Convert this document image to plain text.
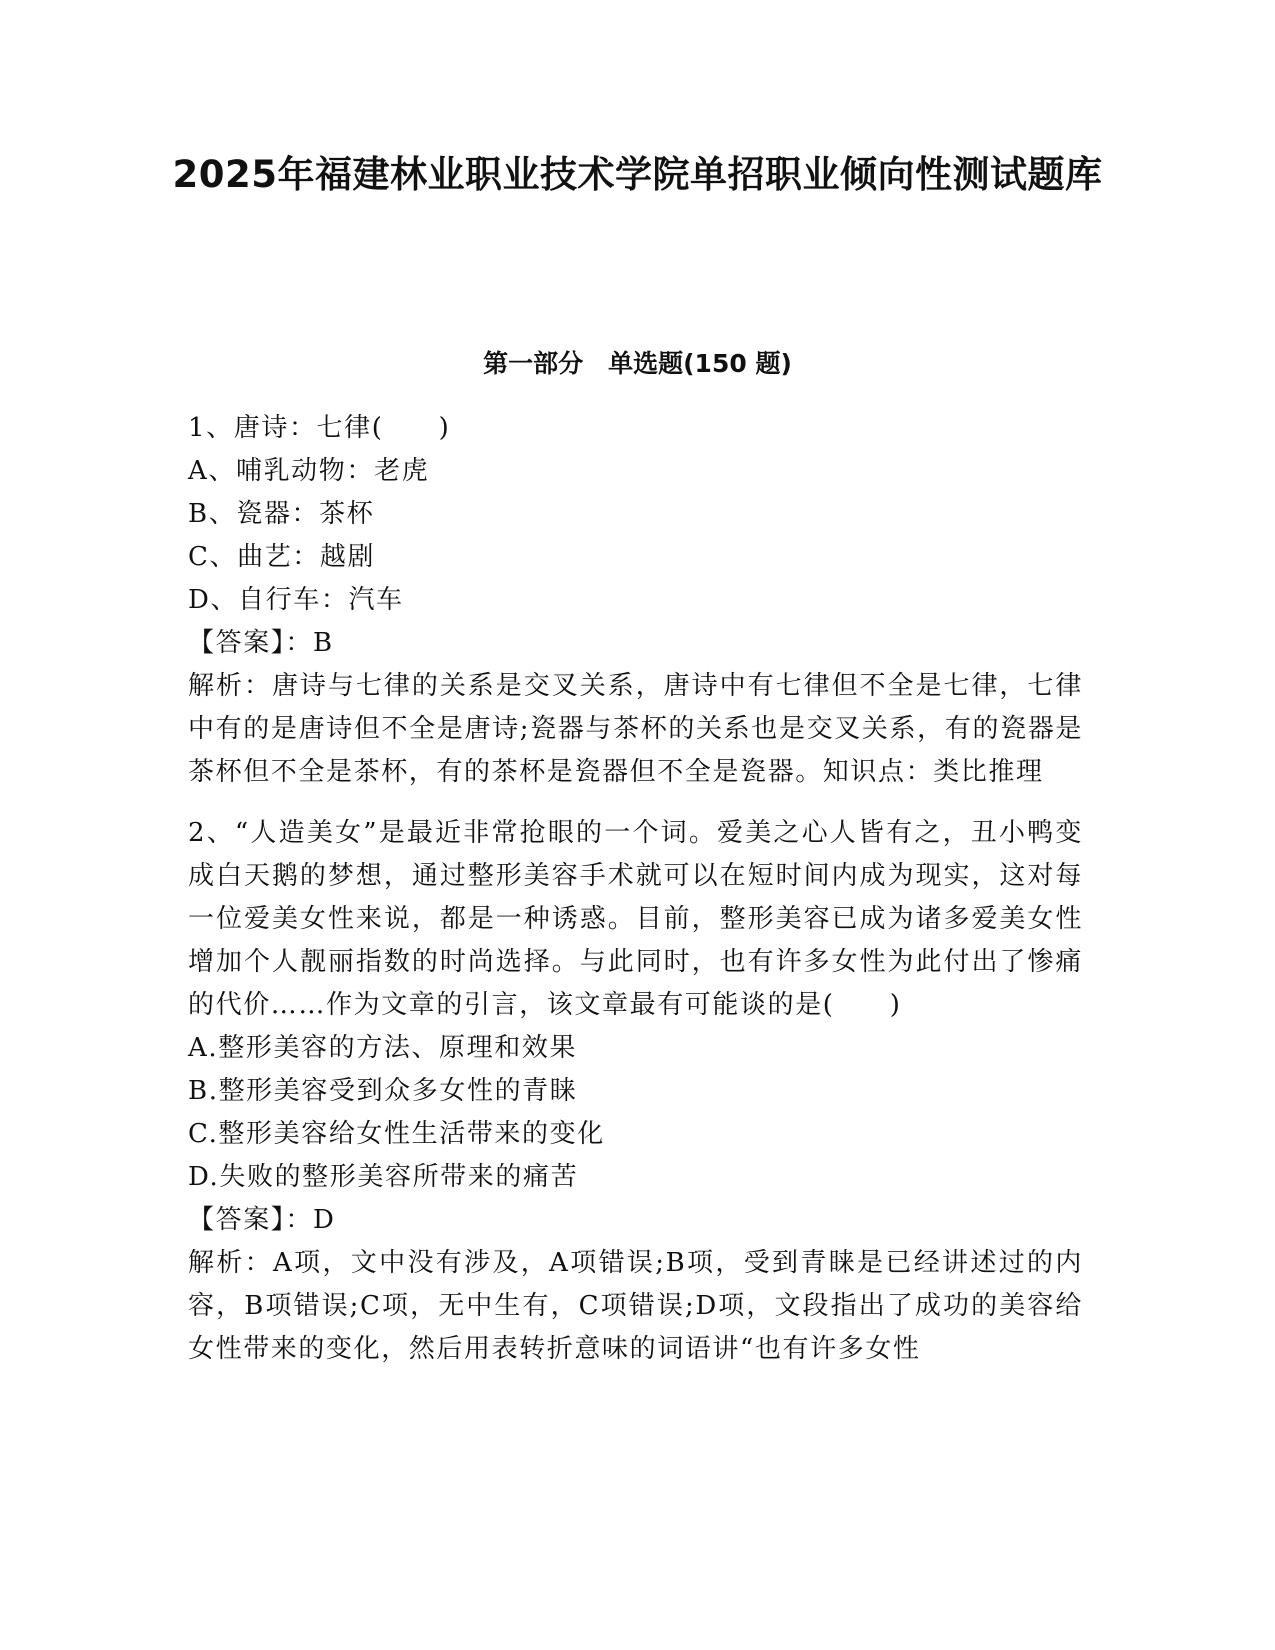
2025年福建林业职业技术学院单招职业倾向性测试题库
第一部分　单选题(150 题)

1、唐诗：七律(　　)

A、哺乳动物：老虎

B、瓷器：茶杯

C、曲艺：越剧

D、自行车：汽车

【答案】：B

解析：唐诗与七律的关系是交叉关系，唐诗中有七律但不全是七律，七律中有的是唐诗但不全是唐诗;瓷器与茶杯的关系也是交叉关系，有的瓷器是茶杯但不全是茶杯，有的茶杯是瓷器但不全是瓷器。知识点：类比推理

2、“人造美女”是最近非常抢眼的一个词。爱美之心人皆有之，丑小鸭变成白天鹅的梦想，通过整形美容手术就可以在短时间内成为现实，这对每一位爱美女性来说，都是一种诱惑。目前，整形美容已成为诸多爱美女性增加个人靓丽指数的时尚选择。与此同时，也有许多女性为此付出了惨痛的代价……作为文章的引言，该文章最有可能谈的是(　　)

A.整形美容的方法、原理和效果

B.整形美容受到众多女性的青睐

C.整形美容给女性生活带来的变化

D.失败的整形美容所带来的痛苦

【答案】：D

解析：A项，文中没有涉及，A项错误;B项，受到青睐是已经讲述过的内容，B项错误;C项，无中生有，C项错误;D项，文段指出了成功的美容给女性带来的变化，然后用表转折意味的词语讲“也有许多女性
